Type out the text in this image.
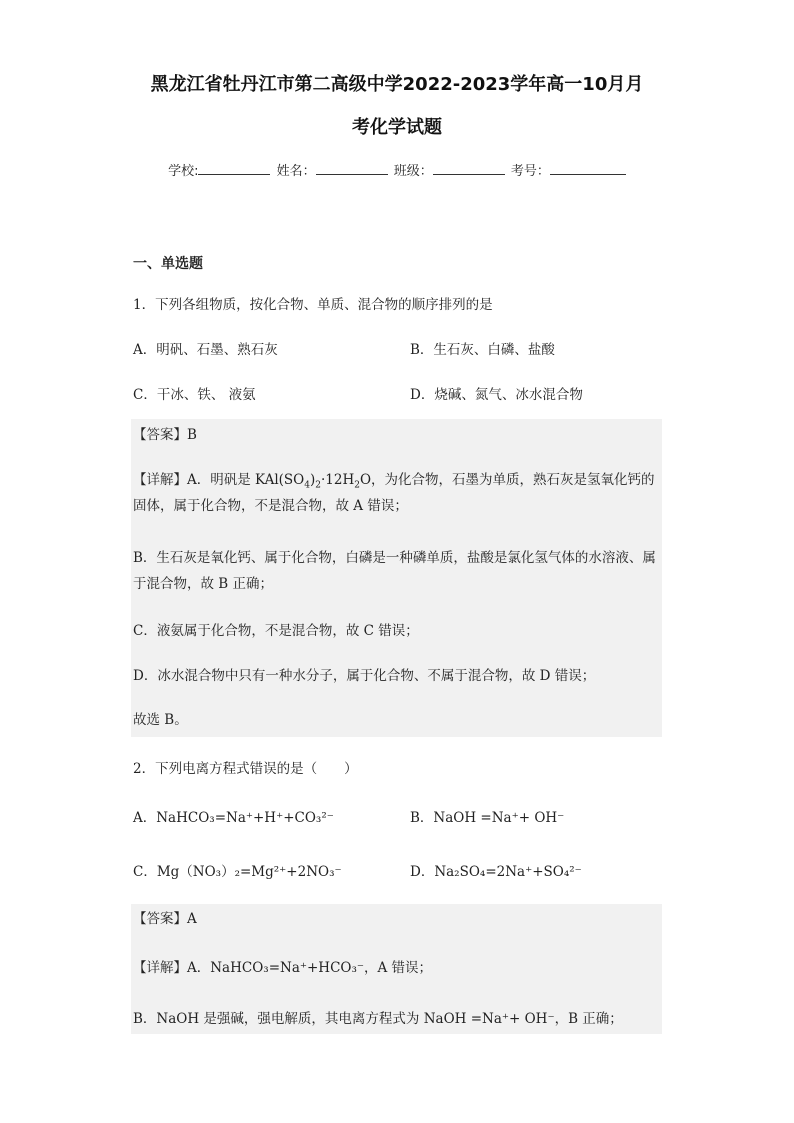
黑龙江省牡丹江市第二高级中学2022-2023学年高一10月月
考化学试题
学校:	姓名：	班级：	考号：
一、单选题
1．下列各组物质，按化合物、单质、混合物的顺序排列的是
A．明矾、石墨、熟石灰	B．生石灰、白磷、盐酸
C．干冰、铁、 液氨	D．烧碱、氮气、冰水混合物
【答案】B
【详解】A．明矾是 $KAl(SO_4)_2\cdot 12H_2O$，为化合物，石墨为单质，熟石灰是氢氧化钙的固体，属于化合物，不是混合物，故 A 错误；
B．生石灰是氧化钙、属于化合物，白磷是一种磷单质，盐酸是氯化氢气体的水溶液、属于混合物，故 B 正确；
C．液氨属于化合物，不是混合物，故 C 错误；
D．冰水混合物中只有一种水分子，属于化合物、不属于混合物，故 D 错误；
故选 B。
2．下列电离方程式错误的是（　　）
A．NaHCO₃=Na⁺+H⁺+CO₃²⁻	B．NaOH =Na⁺+ OH⁻
C．Mg（NO₃）₂=Mg²⁺+2NO₃⁻	D．Na₂SO₄=2Na⁺+SO₄²⁻
【答案】A
【详解】A．NaHCO₃=Na⁺+HCO₃⁻，A 错误；
B．NaOH 是强碱，强电解质，其电离方程式为 NaOH =Na⁺+ OH⁻，B 正确；
